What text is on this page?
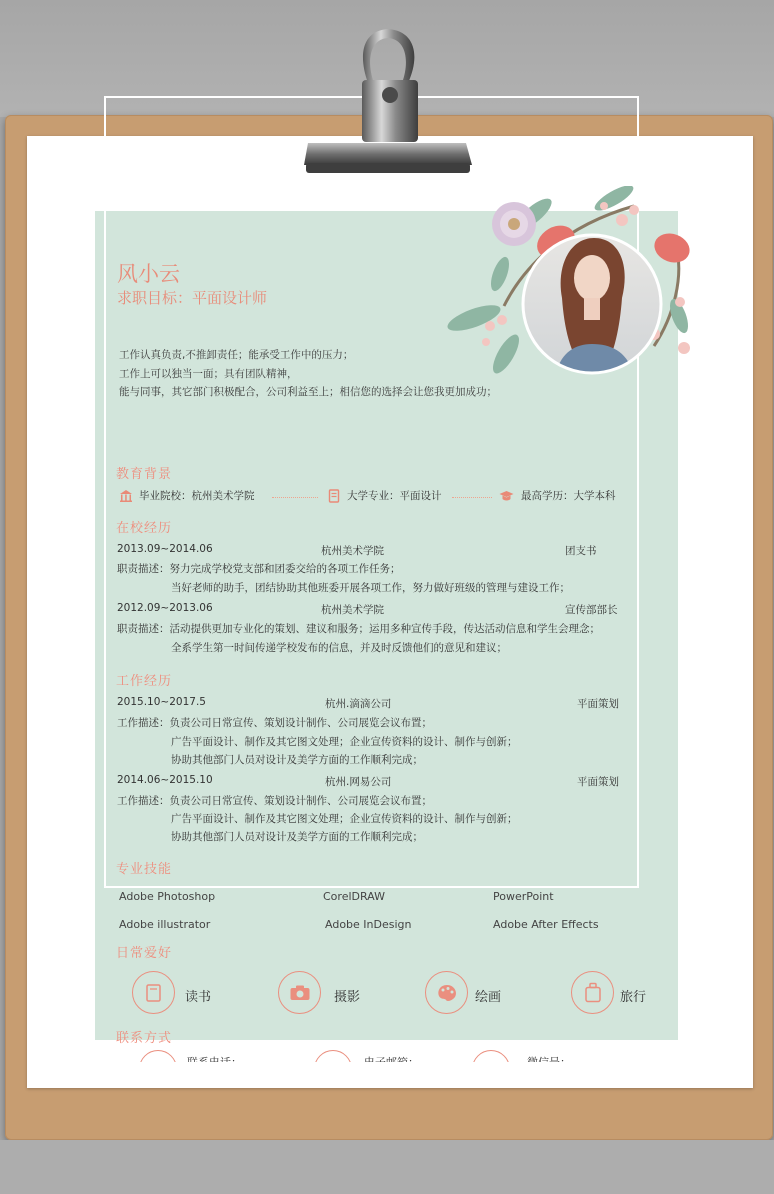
风小云
求职目标：平面设计师
工作认真负责,不推卸责任；能承受工作中的压力；
工作上可以独当一面；具有团队精神，
能与同事，其它部门积极配合，公司利益至上；相信您的选择会让您我更加成功；
教育背景
毕业院校：杭州美术学院	大学专业：平面设计	最高学历：大学本科
在校经历
2013.09~2014.06	杭州美术学院	团支书
职责描述：努力完成学校党支部和团委交给的各项工作任务；
当好老师的助手，团结协助其他班委开展各项工作，努力做好班级的管理与建设工作；
2012.09~2013.06	杭州美术学院	宣传部部长
职责描述：活动提供更加专业化的策划、建议和服务；运用多种宣传手段，传达活动信息和学生会理念；
全系学生第一时间传递学校发布的信息，并及时反馈他们的意见和建议；
工作经历
2015.10~2017.5	杭州.滴滴公司	平面策划
工作描述：负责公司日常宣传、策划设计制作、公司展览会议布置；
广告平面设计、制作及其它图文处理；企业宣传资料的设计、制作与创新；
协助其他部门人员对设计及美学方面的工作顺利完成；
2014.06~2015.10	杭州.网易公司	平面策划
工作描述：负责公司日常宣传、策划设计制作、公司展览会议布置；
广告平面设计、制作及其它图文处理；企业宣传资料的设计、制作与创新；
协助其他部门人员对设计及美学方面的工作顺利完成；
专业技能
Adobe Photoshop	CorelDRAW	PowerPoint
Adobe illustrator	Adobe InDesign	Adobe After Effects
日常爱好
读书	摄影	绘画	旅行
联系方式
